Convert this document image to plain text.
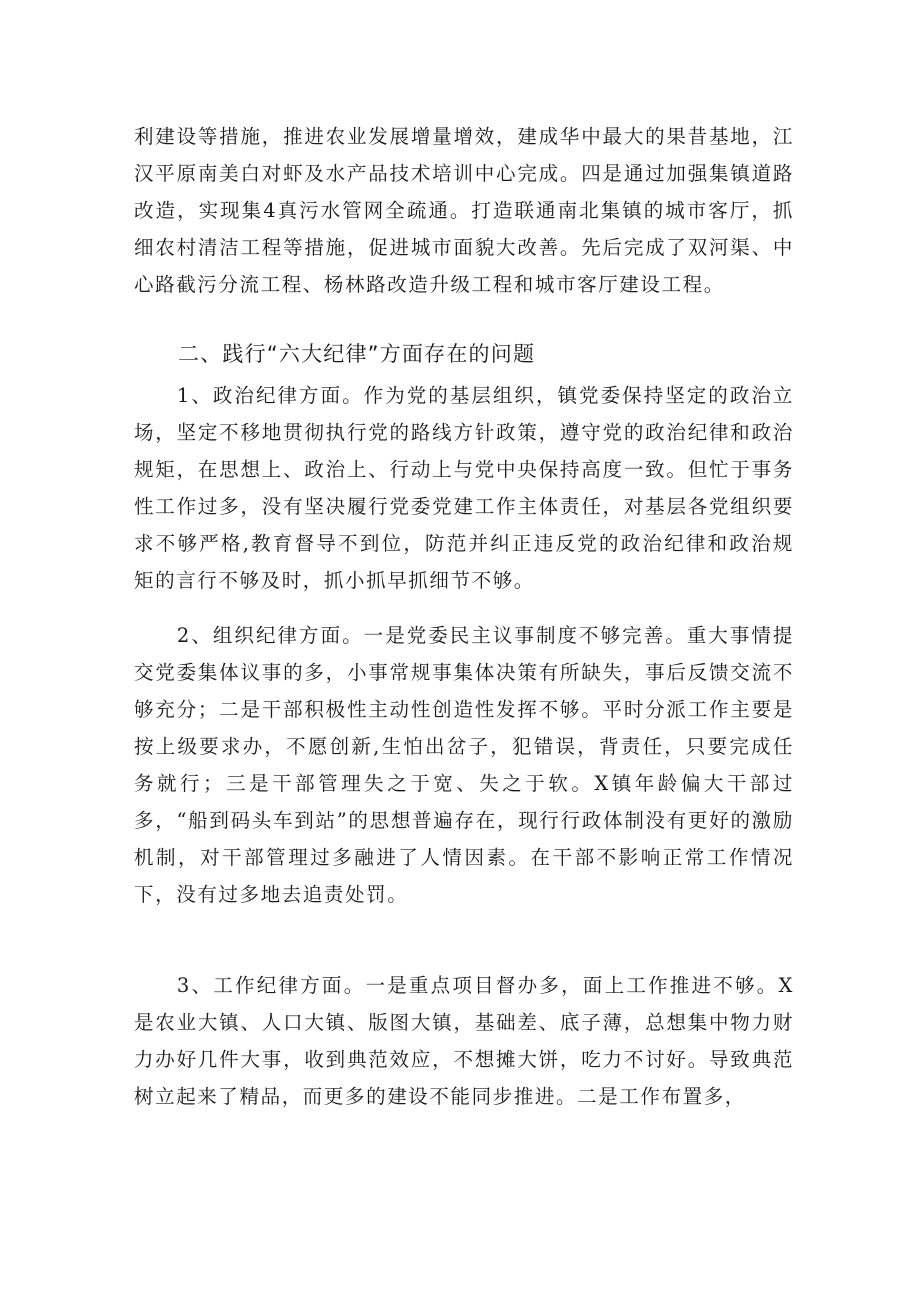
利建设等措施，推进农业发展增量增效，建成华中最大的果昔基地，江汉平原南美白对虾及水产品技术培训中心完成。四是通过加强集镇道路改造，实现集4真污水管网全疏通。打造联通南北集镇的城市客厅，抓细农村清洁工程等措施，促进城市面貌大改善。先后完成了双河渠、中心路截污分流工程、杨林路改造升级工程和城市客厅建设工程。

二、践行“六大纪律”方面存在的问题

1、政治纪律方面。作为党的基层组织，镇党委保持坚定的政治立场，坚定不移地贯彻执行党的路线方针政策，遵守党的政治纪律和政治规矩，在思想上、政治上、行动上与党中央保持高度一致。但忙于事务性工作过多，没有坚决履行党委党建工作主体责任，对基层各党组织要求不够严格,教育督导不到位，防范并纠正违反党的政治纪律和政治规矩的言行不够及时，抓小抓早抓细节不够。

2、组织纪律方面。一是党委民主议事制度不够完善。重大事情提交党委集体议事的多，小事常规事集体决策有所缺失，事后反馈交流不够充分；二是干部积极性主动性创造性发挥不够。平时分派工作主要是按上级要求办，不愿创新,生怕出岔子，犯错误，背责任，只要完成任务就行；三是干部管理失之于宽、失之于软。X镇年龄偏大干部过多，“船到码头车到站”的思想普遍存在，现行行政体制没有更好的激励机制，对干部管理过多融进了人情因素。在干部不影响正常工作情况下，没有过多地去追责处罚。

3、工作纪律方面。一是重点项目督办多，面上工作推进不够。X是农业大镇、人口大镇、版图大镇，基础差、底子薄，总想集中物力财力办好几件大事，收到典范效应，不想摊大饼，吃力不讨好。导致典范树立起来了精品，而更多的建设不能同步推进。二是工作布置多，
